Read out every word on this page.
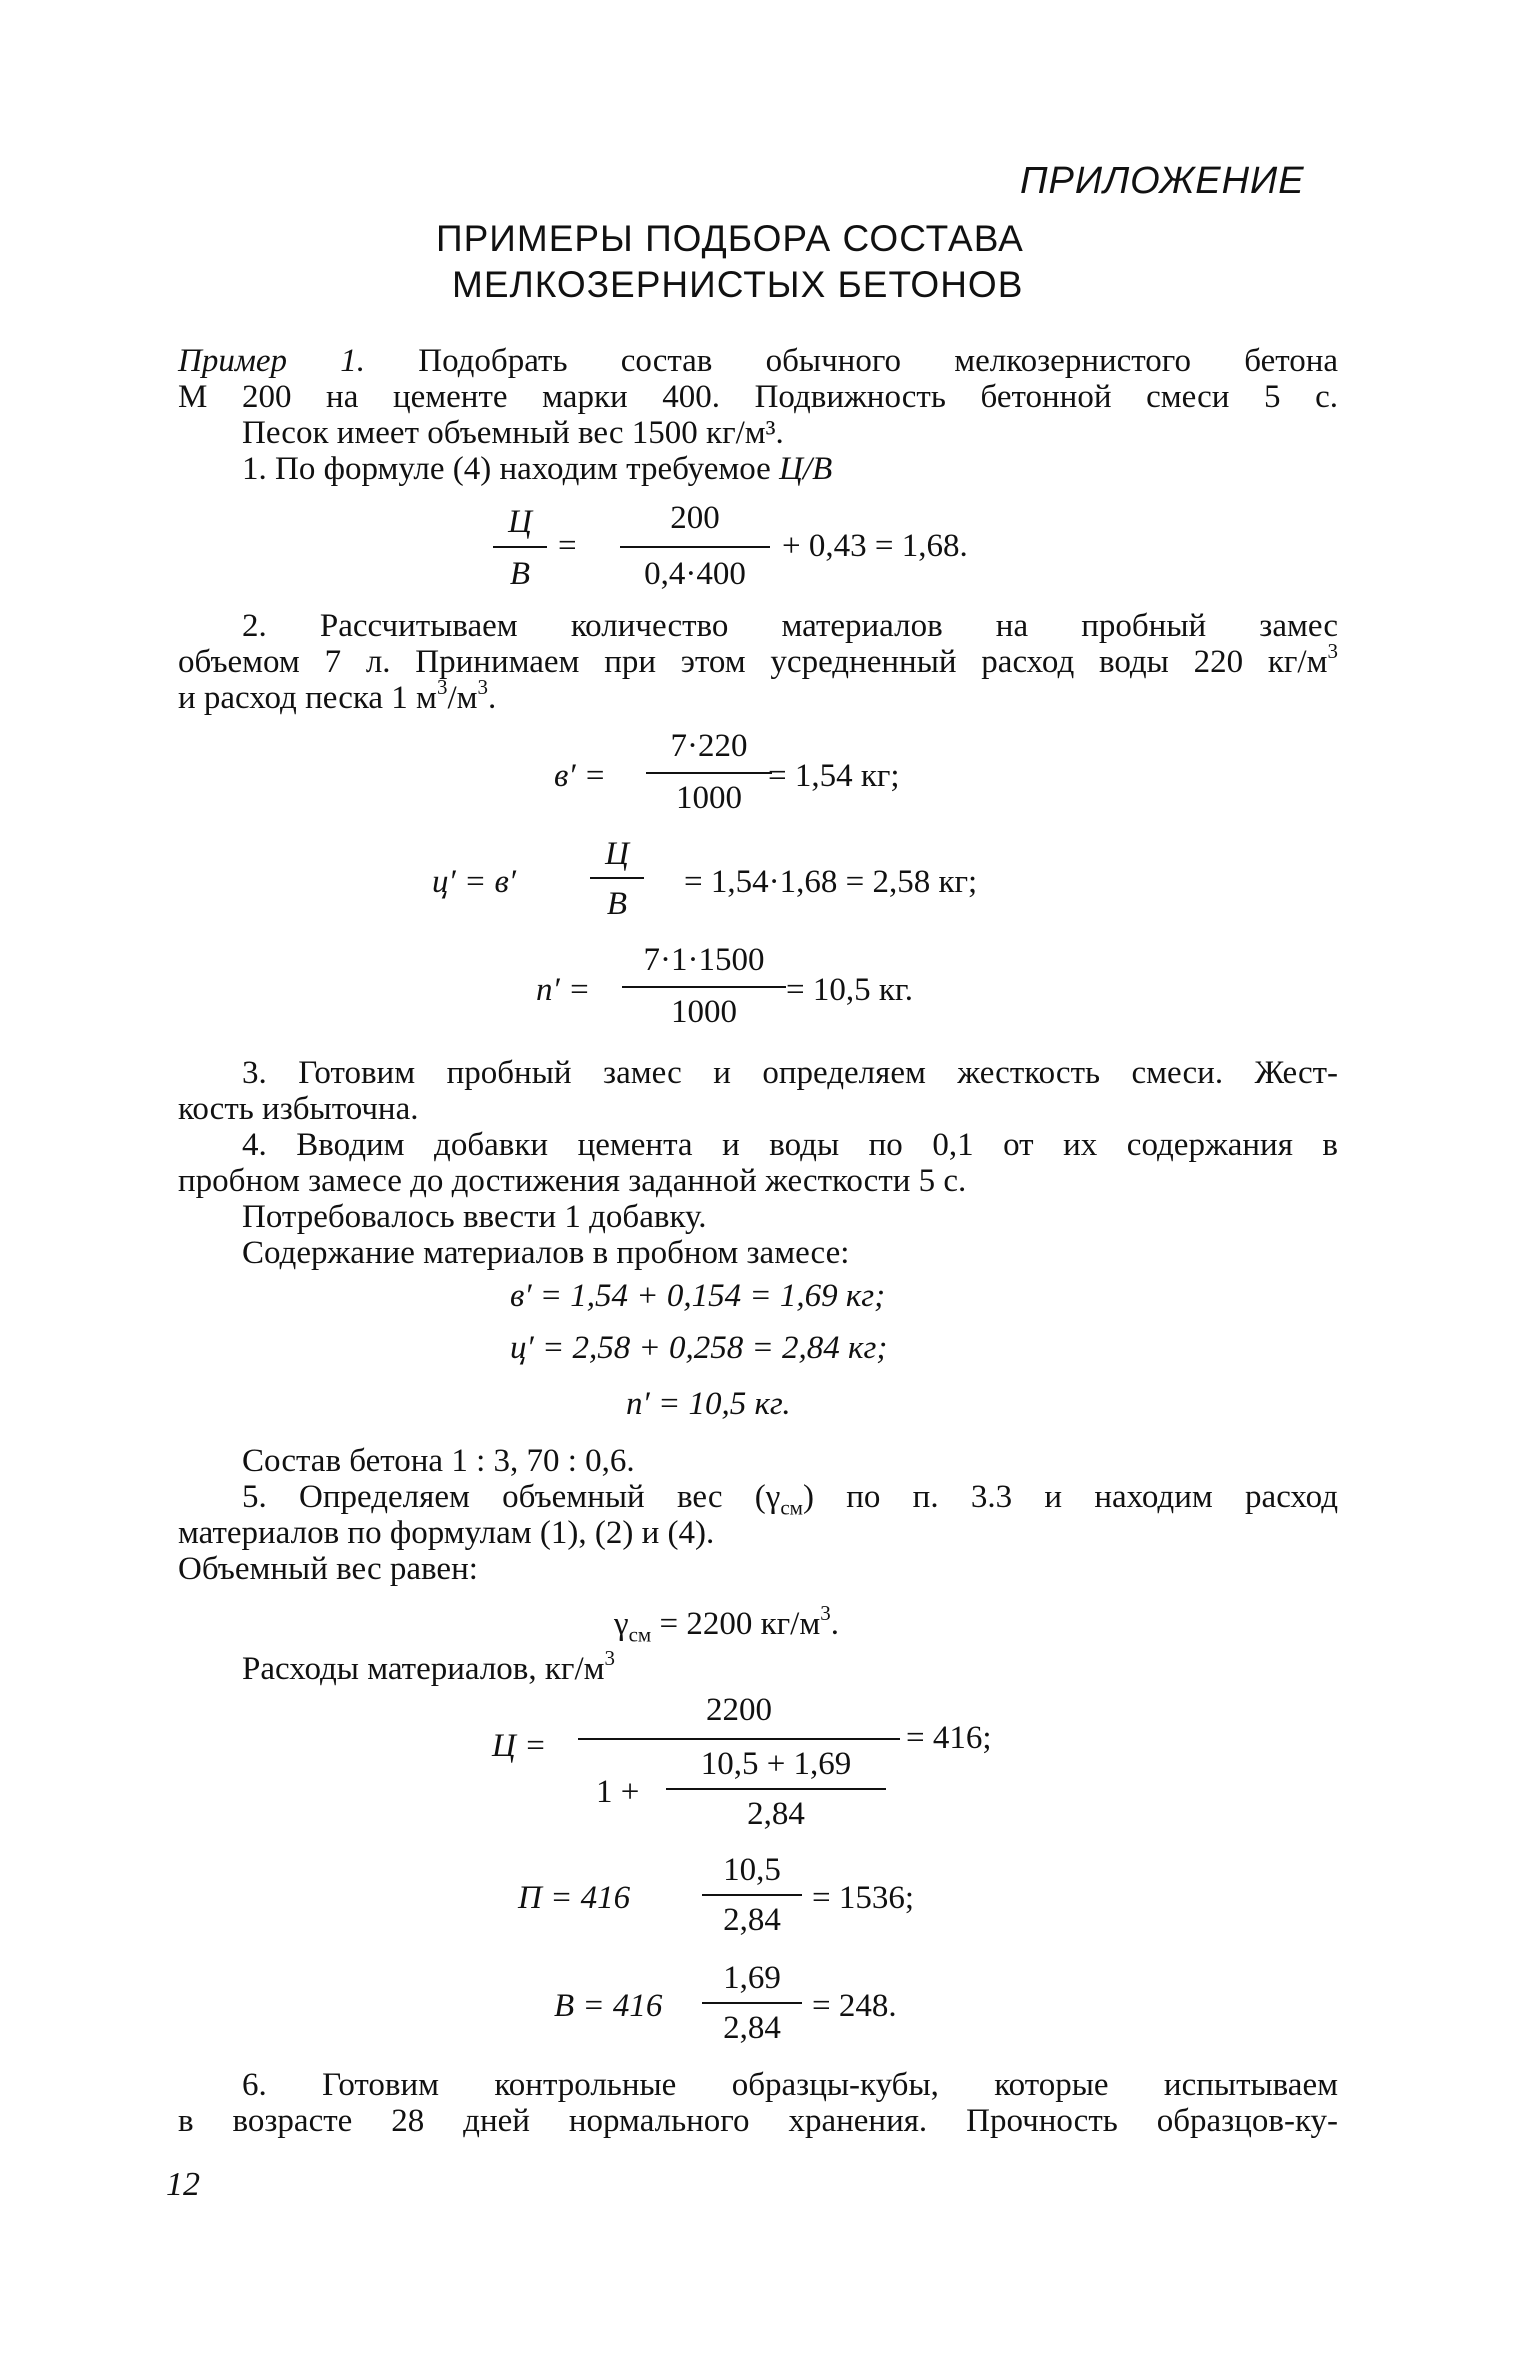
ПРИЛОЖЕНИЕ
ПРИМЕРЫ ПОДБОРА СОСТАВА
МЕЛКОЗЕРНИСТЫХ БЕТОНОВ
Пример 1. Подобрать состав обычного мелкозернистого бетона
М 200 на цементе марки 400. Подвижность бетонной смеси 5 с.
Песок имеет объемный вес 1500 кг/м³.
1. По формуле (4) находим требуемое Ц/В
Ц
В
=
200
0,4·400
+ 0,43 = 1,68.
2. Рассчитываем количество материалов на пробный замес
объемом 7 л. Принимаем при этом усредненный расход воды 220 $кг/м^3$
и расход песка 1 $м^3/м^3$.
в′ =
7·220
1000
= 1,54 кг;
ц′ = в′
Ц
В
= 1,54·1,68 = 2,58 кг;
п′ =
7·1·1500
1000
= 10,5 кг.
3. Готовим пробный замес и определяем жесткость смеси. Жест-
кость избыточна.
4. Вводим добавки цемента и воды по 0,1 от их содержания в
пробном замесе до достижения заданной жесткости 5 с.
Потребовалось ввести 1 добавку.
Содержание материалов в пробном замесе:
в′ = 1,54 + 0,154 = 1,69 кг;
ц′ = 2,58 + 0,258 = 2,84 кг;
п′ = 10,5 кг.
Состав бетона 1 : 3, 70 : 0,6.
5. Определяем объемный вес $(\gamma_{см})$ по п. 3.3 и находим расход
материалов по формулам (1), (2) и (4).
Объемный вес равен:
$\gamma_{см} = 2200$ $кг/м^3$.
Расходы материалов, $кг/м^3$
Ц =
2200
1 +
10,5 + 1,69
2,84
= 416;
П = 416
10,5
2,84
= 1536;
В = 416
1,69
2,84
= 248.
6. Готовим контрольные образцы-кубы, которые испытываем
в возрасте 28 дней нормального хранения. Прочность образцов-ку-
12
